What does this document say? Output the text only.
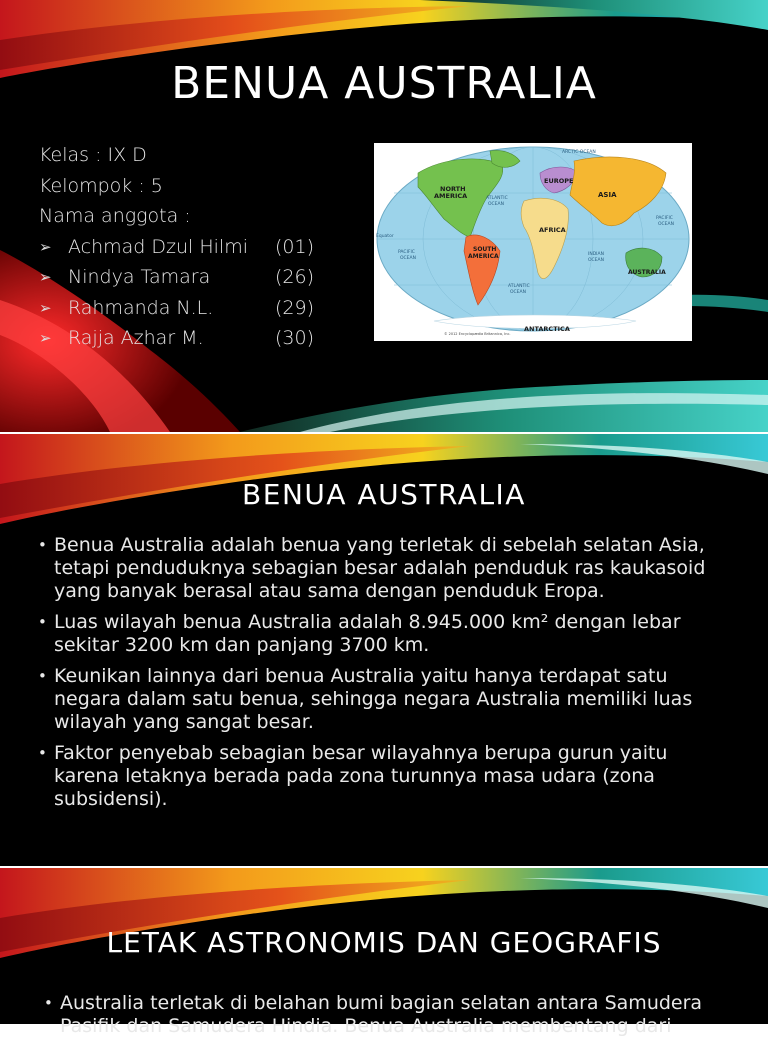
BENUA AUSTRALIA
Kelas : IX D
Kelompok : 5
Nama anggota :
➢ Achmad Dzul Hilmi	(01)
➢ Nindya Tamara	(26)
➢ Rahmanda N.L.	(29)
➢ Rajja Azhar M.	(30)
NORTH AMERICA
EUROPE
ASIA
AFRICA
SOUTH AMERICA
AUSTRALIA
ANTARCTICA
ARCTIC OCEAN
ATLANTIC
OCEAN
PACIFIC
OCEAN
PACIFIC
OCEAN
INDIAN
OCEAN
ATLANTIC
OCEAN
Equator
© 2012 Encyclopædia Britannica, Inc.
BENUA AUSTRALIA
• Benua Australia adalah benua yang terletak di sebelah selatan Asia, tetapi penduduknya sebagian besar adalah penduduk ras kaukasoid yang banyak berasal atau sama dengan penduduk Eropa.
• Luas wilayah benua Australia adalah 8.945.000 km² dengan lebar sekitar 3200 km dan panjang 3700 km.
• Keunikan lainnya dari benua Australia yaitu hanya terdapat satu negara dalam satu benua, sehingga negara Australia memiliki luas wilayah yang sangat besar.
• Faktor penyebab sebagian besar wilayahnya berupa gurun yaitu karena letaknya berada pada zona turunnya masa udara (zona subsidensi).
LETAK ASTRONOMIS DAN GEOGRAFIS
• Australia terletak di belahan bumi bagian selatan antara Samudera Pasifik dan Samudera Hindia. Benua Australia membentang dari
